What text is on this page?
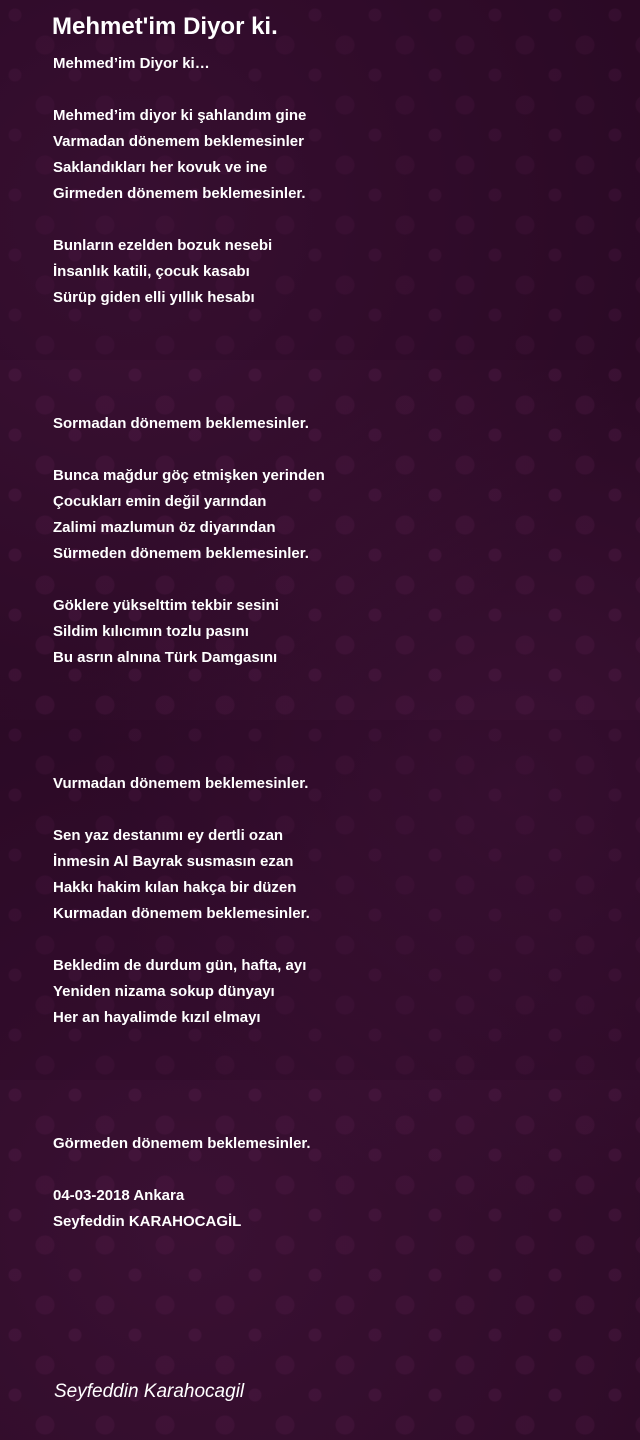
Mehmet'im Diyor ki.
Mehmed’im Diyor ki…
Mehmed’im diyor ki şahlandım gine
Varmadan dönemem beklemesinler
Saklandıkları her kovuk ve ine
Girmeden dönemem beklemesinler.
Bunların ezelden bozuk nesebi
İnsanlık katili, çocuk kasabı
Sürüp giden elli yıllık hesabı
Sormadan dönemem beklemesinler.
Bunca mağdur göç etmişken yerinden
Çocukları emin değil yarından
Zalimi mazlumun öz diyarından
Sürmeden dönemem beklemesinler.
Göklere yükselttim tekbir sesini
Sildim kılıcımın tozlu pasını
Bu asrın alnına Türk Damgasını
Vurmadan dönemem beklemesinler.
Sen yaz destanımı ey dertli ozan
İnmesin Al Bayrak susmasın ezan
Hakkı hakim kılan hakça bir düzen
Kurmadan dönemem beklemesinler.
Bekledim de durdum gün, hafta, ayı
Yeniden nizama sokup dünyayı
Her an hayalimde kızıl elmayı
Görmeden dönemem beklemesinler.
04-03-2018 Ankara
Seyfeddin KARAHOCAGİL
Seyfeddin Karahocagil
